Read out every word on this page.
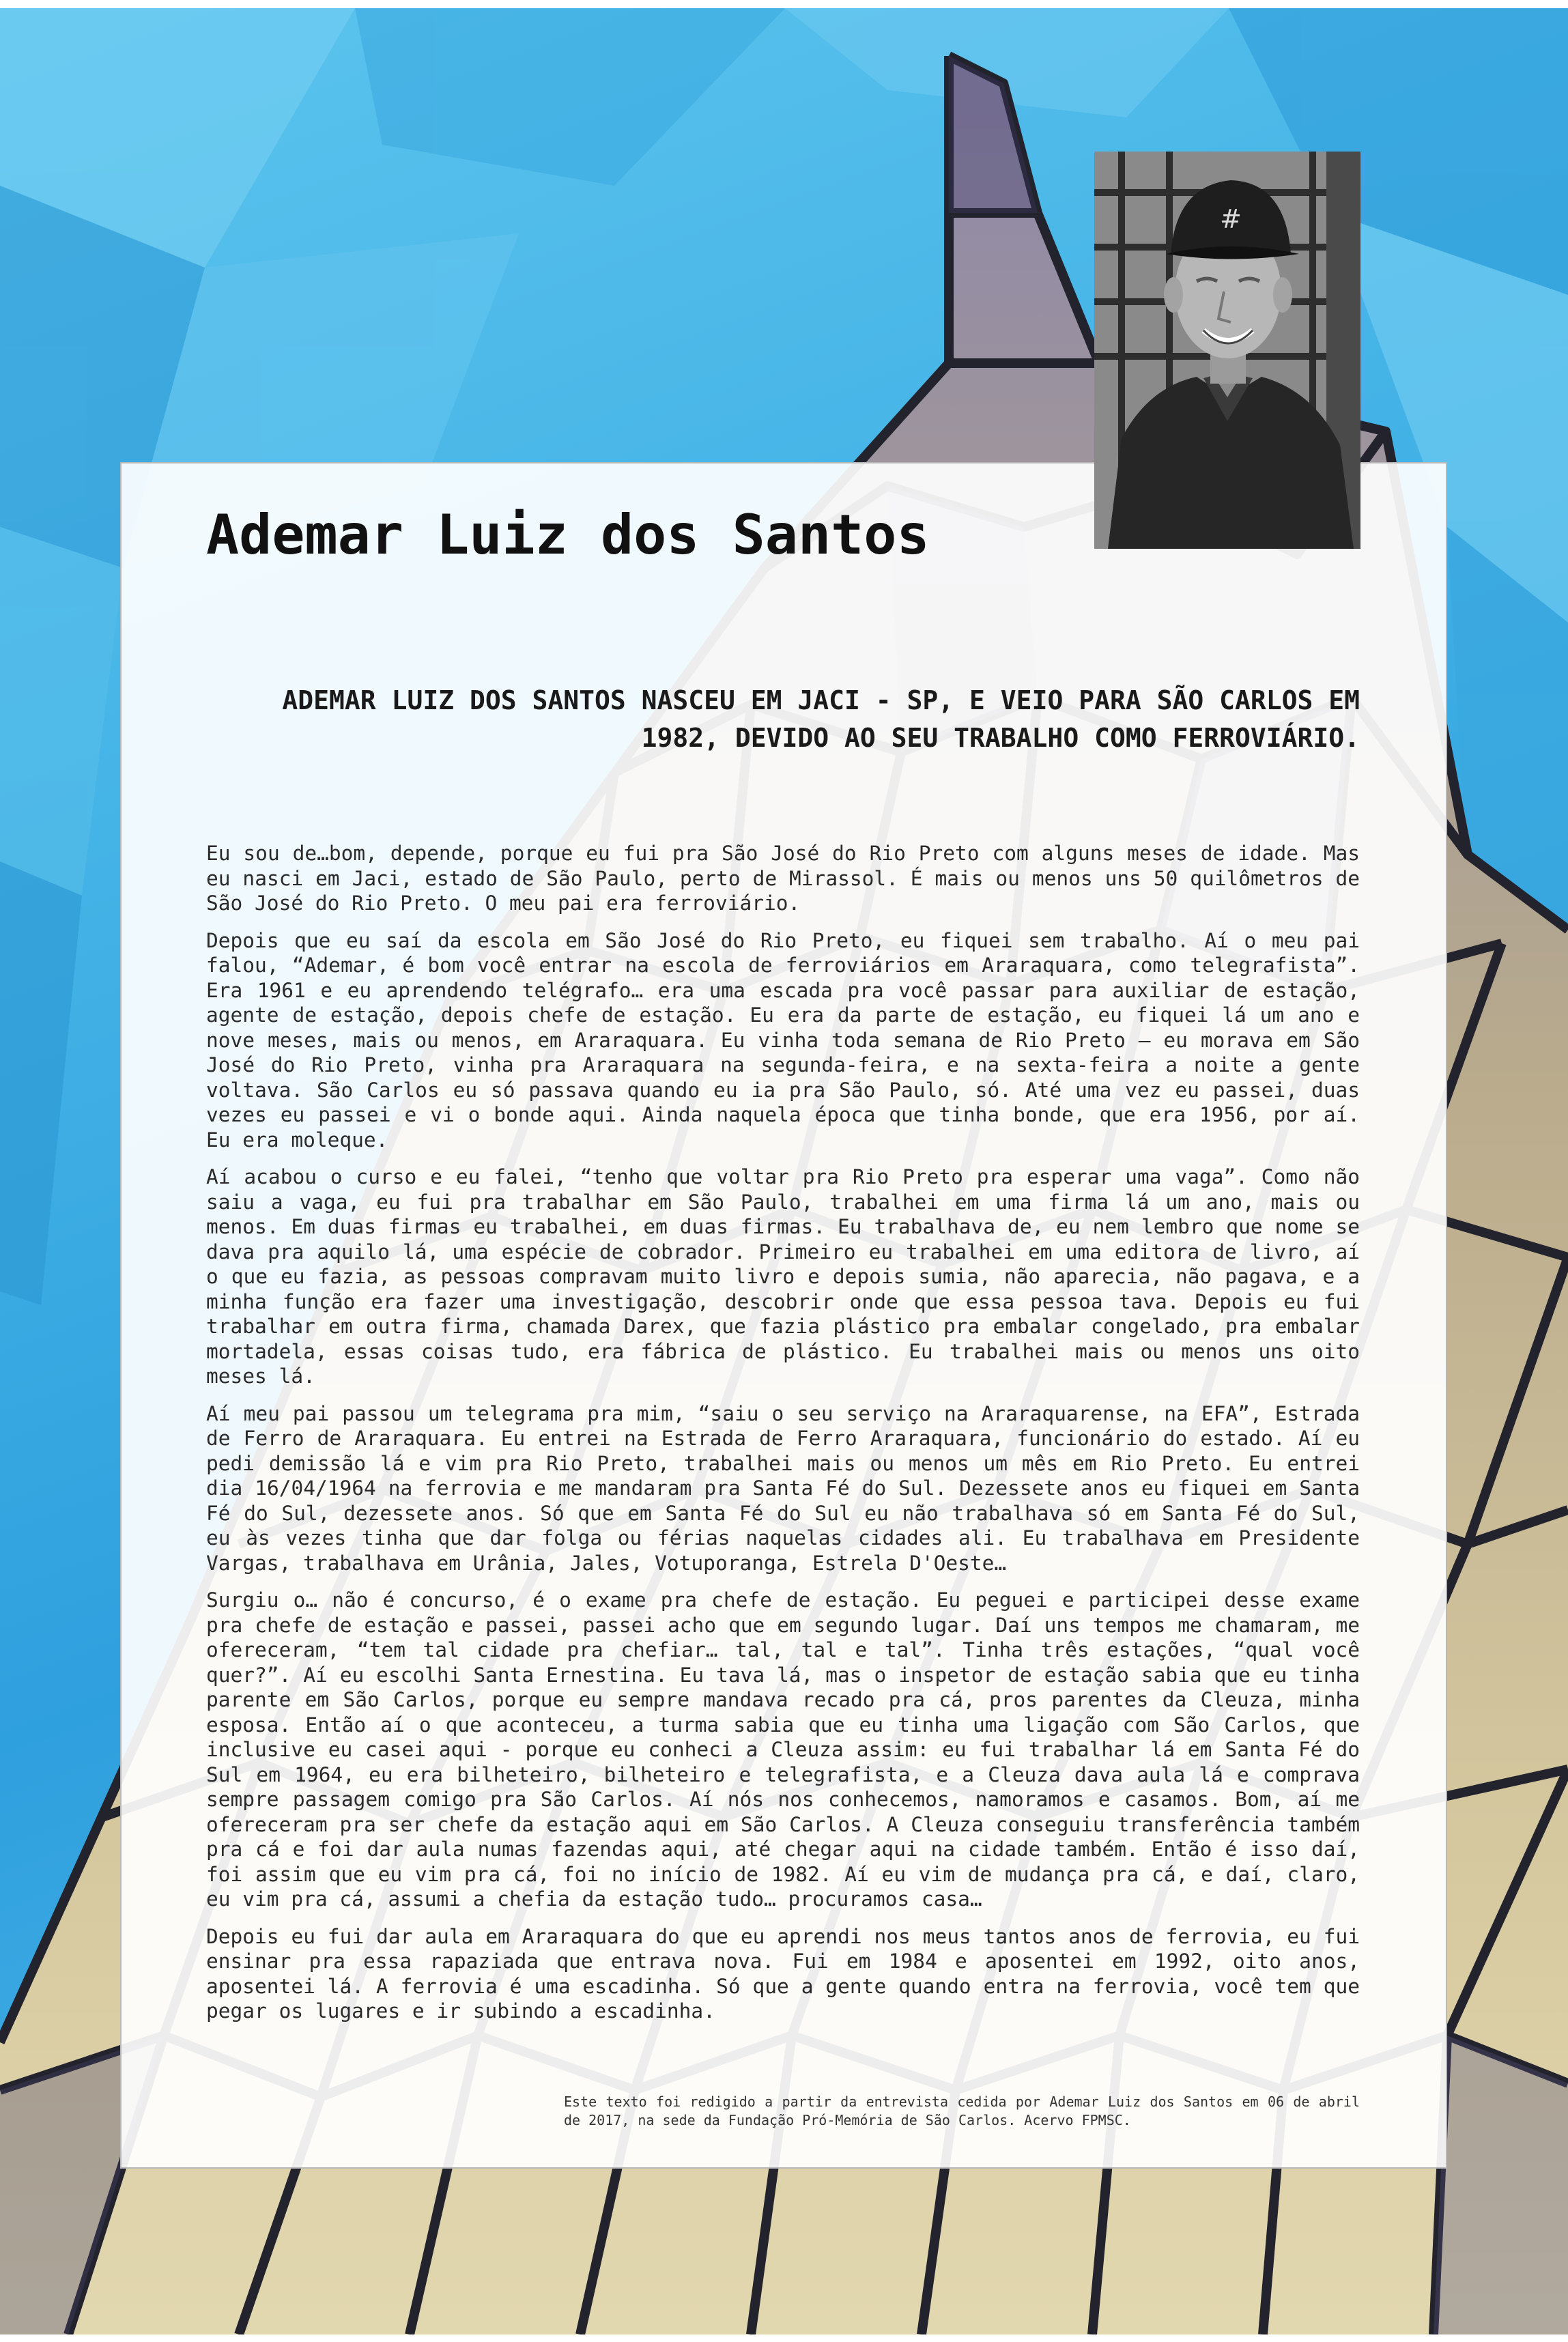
Ademar Luiz dos Santos

ADEMAR LUIZ DOS SANTOS NASCEU EM JACI - SP, E VEIO PARA SÃO CARLOS EM 1982, DEVIDO AO SEU TRABALHO COMO FERROVIÁRIO.

Eu sou de…bom, depende, porque eu fui pra São José do Rio Preto com alguns meses de idade. Mas eu nasci em Jaci, estado de São Paulo, perto de Mirassol. É mais ou menos uns 50 quilômetros de São José do Rio Preto. O meu pai era ferroviário.

Depois que eu saí da escola em São José do Rio Preto, eu fiquei sem trabalho. Aí o meu pai falou, “Ademar, é bom você entrar na escola de ferroviários em Araraquara, como telegrafista”. Era 1961 e eu aprendendo telégrafo… era uma escada pra você passar para auxiliar de estação, agente de estação, depois chefe de estação. Eu era da parte de estação, eu fiquei lá um ano e nove meses, mais ou menos, em Araraquara. Eu vinha toda semana de Rio Preto – eu morava em São José do Rio Preto, vinha pra Araraquara na segunda-feira, e na sexta-feira a noite a gente voltava. São Carlos eu só passava quando eu ia pra São Paulo, só. Até uma vez eu passei, duas vezes eu passei e vi o bonde aqui. Ainda naquela época que tinha bonde, que era 1956, por aí. Eu era moleque.

Aí acabou o curso e eu falei, “tenho que voltar pra Rio Preto pra esperar uma vaga”. Como não saiu a vaga, eu fui pra trabalhar em São Paulo, trabalhei em uma firma lá um ano, mais ou menos. Em duas firmas eu trabalhei, em duas firmas. Eu trabalhava de, eu nem lembro que nome se dava pra aquilo lá, uma espécie de cobrador. Primeiro eu trabalhei em uma editora de livro, aí o que eu fazia, as pessoas compravam muito livro e depois sumia, não aparecia, não pagava, e a minha função era fazer uma investigação, descobrir onde que essa pessoa tava. Depois eu fui trabalhar em outra firma, chamada Darex, que fazia plástico pra embalar congelado, pra embalar mortadela, essas coisas tudo, era fábrica de plástico. Eu trabalhei mais ou menos uns oito meses lá.

Aí meu pai passou um telegrama pra mim, “saiu o seu serviço na Araraquarense, na EFA”, Estrada de Ferro de Araraquara. Eu entrei na Estrada de Ferro Araraquara, funcionário do estado. Aí eu pedi demissão lá e vim pra Rio Preto, trabalhei mais ou menos um mês em Rio Preto. Eu entrei dia 16/04/1964 na ferrovia e me mandaram pra Santa Fé do Sul. Dezessete anos eu fiquei em Santa Fé do Sul, dezessete anos. Só que em Santa Fé do Sul eu não trabalhava só em Santa Fé do Sul, eu às vezes tinha que dar folga ou férias naquelas cidades ali. Eu trabalhava em Presidente Vargas, trabalhava em Urânia, Jales, Votuporanga, Estrela D'Oeste…

Surgiu o… não é concurso, é o exame pra chefe de estação. Eu peguei e participei desse exame pra chefe de estação e passei, passei acho que em segundo lugar. Daí uns tempos me chamaram, me ofereceram, “tem tal cidade pra chefiar… tal, tal e tal”. Tinha três estações, “qual você quer?”. Aí eu escolhi Santa Ernestina. Eu tava lá, mas o inspetor de estação sabia que eu tinha parente em São Carlos, porque eu sempre mandava recado pra cá, pros parentes da Cleuza, minha esposa. Então aí o que aconteceu, a turma sabia que eu tinha uma ligação com São Carlos, que inclusive eu casei aqui - porque eu conheci a Cleuza assim: eu fui trabalhar lá em Santa Fé do Sul em 1964, eu era bilheteiro, bilheteiro e telegrafista, e a Cleuza dava aula lá e comprava sempre passagem comigo pra São Carlos. Aí nós nos conhecemos, namoramos e casamos. Bom, aí me ofereceram pra ser chefe da estação aqui em São Carlos. A Cleuza conseguiu transferência também pra cá e foi dar aula numas fazendas aqui, até chegar aqui na cidade também. Então é isso daí, foi assim que eu vim pra cá, foi no início de 1982. Aí eu vim de mudança pra cá, e daí, claro, eu vim pra cá, assumi a chefia da estação tudo… procuramos casa…

Depois eu fui dar aula em Araraquara do que eu aprendi nos meus tantos anos de ferrovia, eu fui ensinar pra essa rapaziada que entrava nova. Fui em 1984 e aposentei em 1992, oito anos, aposentei lá. A ferrovia é uma escadinha. Só que a gente quando entra na ferrovia, você tem que pegar os lugares e ir subindo a escadinha.

Este texto foi redigido a partir da entrevista cedida por Ademar Luiz dos Santos em 06 de abril de 2017, na sede da Fundação Pró-Memória de São Carlos. Acervo FPMSC.
#
